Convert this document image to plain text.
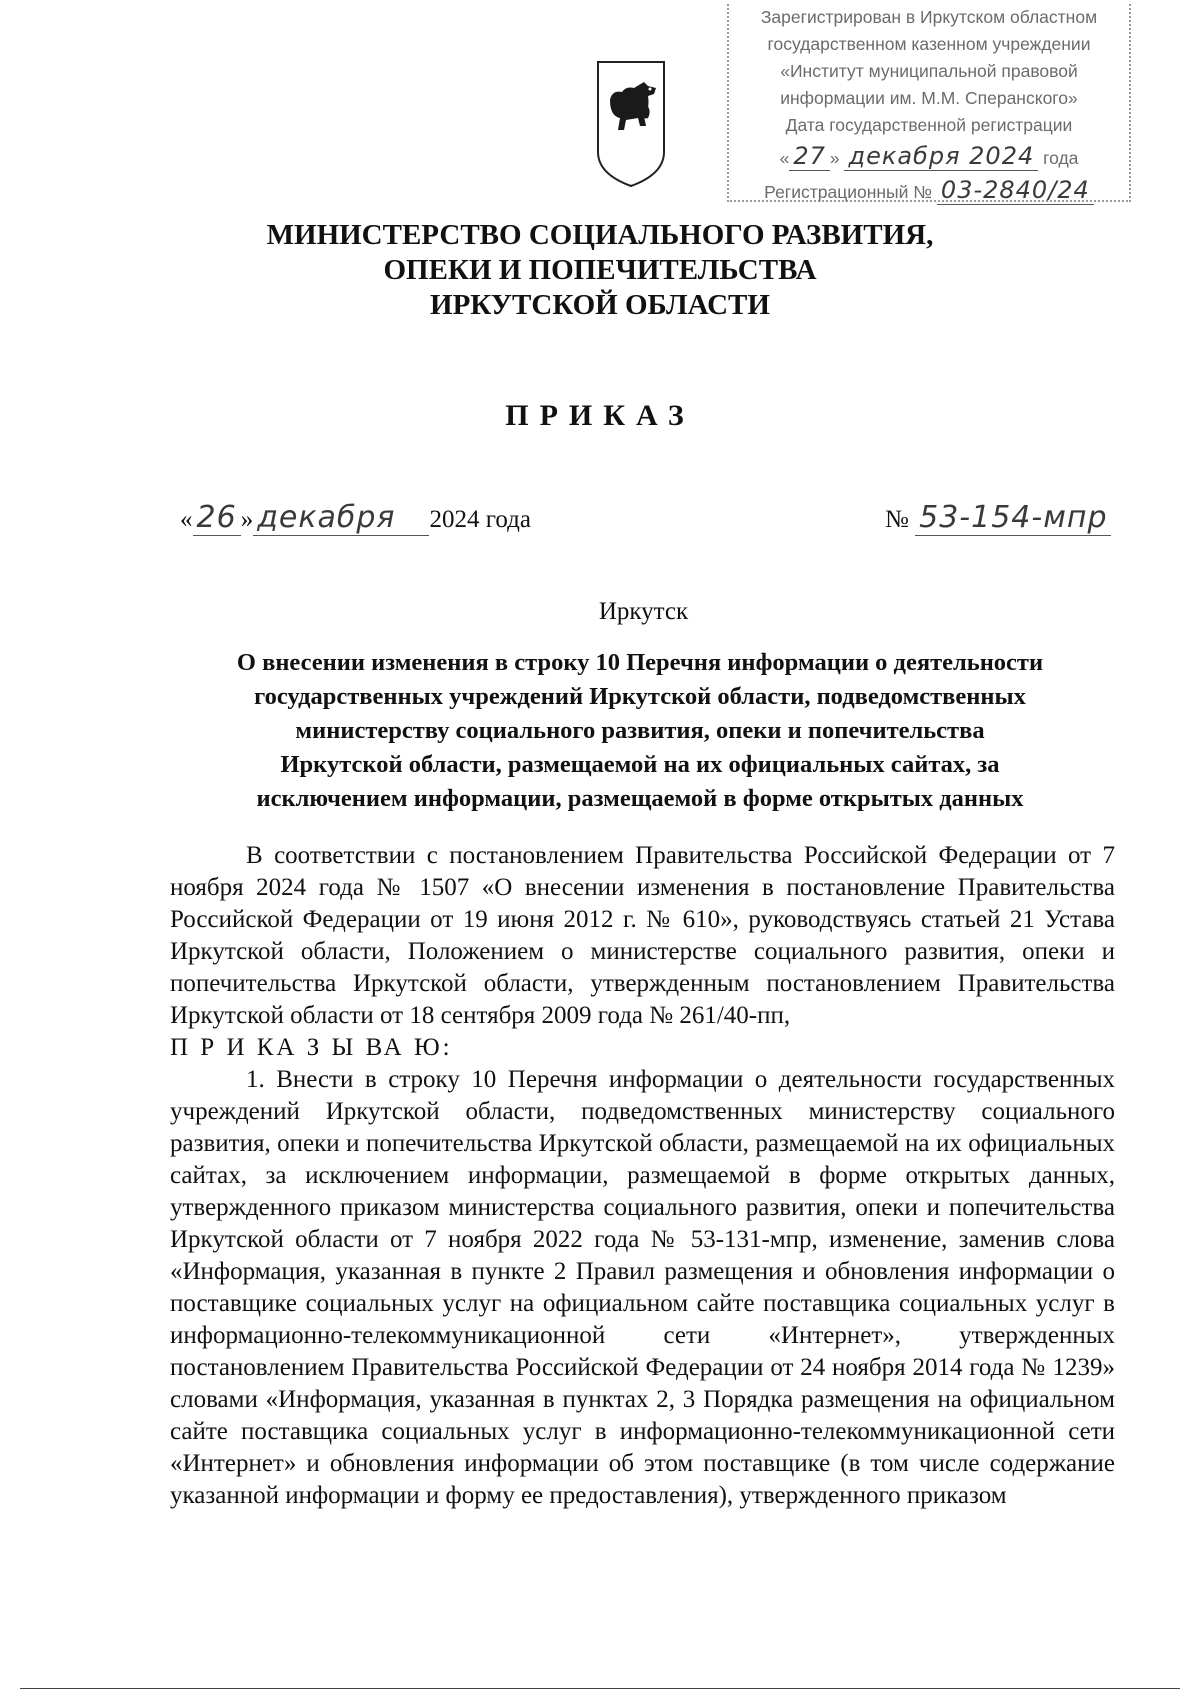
Зарегистрирован в Иркутском областном
государственном казенном учреждении
«Институт муниципальной правовой
информации им. М.М. Сперанского»
Дата государственной регистрации
« 27 » декабря 2024 года
Регистрационный № 03-2840/24
МИНИСТЕРСТВО СОЦИАЛЬНОГО РАЗВИТИЯ,
ОПЕКИ И ПОПЕЧИТЕЛЬСТВА
ИРКУТСКОЙ ОБЛАСТИ
ПРИКАЗ
« 26 » декабря 2024 года	№ 53-154-мпр
Иркутск
О внесении изменения в строку 10 Перечня информации о деятельности
государственных учреждений Иркутской области, подведомственных
министерству социального развития, опеки и попечительства
Иркутской области, размещаемой на их официальных сайтах, за
исключением информации, размещаемой в форме открытых данных

В соответствии с постановлением Правительства Российской Федерации от 7 ноября 2024 года № 1507 «О внесении изменения в постановление Правительства Российской Федерации от 19 июня 2012 г. № 610», руководствуясь статьей 21 Устава Иркутской области, Положением о министерстве социального развития, опеки и попечительства Иркутской области, утвержденным постановлением Правительства Иркутской области от 18 сентября 2009 года № 261/40-пп,

П Р И КА З Ы ВА Ю:

1. Внести в строку 10 Перечня информации о деятельности государственных учреждений Иркутской области, подведомственных министерству социального развития, опеки и попечительства Иркутской области, размещаемой на их официальных сайтах, за исключением информации, размещаемой в форме открытых данных, утвержденного приказом министерства социального развития, опеки и попечительства Иркутской области от 7 ноября 2022 года № 53-131-мпр, изменение, заменив слова «Информация, указанная в пункте 2 Правил размещения и обновления информации о поставщике социальных услуг на официальном сайте поставщика социальных услуг в информационно-телекоммуникационной сети «Интернет», утвержденных постановлением Правительства Российской Федерации от 24 ноября 2014 года № 1239» словами «Информация, указанная в пунктах 2, 3 Порядка размещения на официальном сайте поставщика социальных услуг в информационно-телекоммуникационной сети «Интернет» и обновления информации об этом поставщике (в том числе содержание указанной информации и форму ее предоставления), утвержденного приказом
